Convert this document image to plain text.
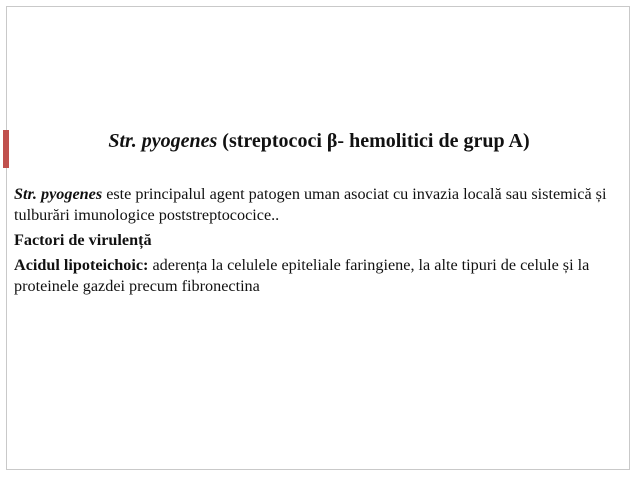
Str. pyogenes (streptococi β- hemolitici de grup A)

Str. pyogenes este principalul agent patogen uman asociat cu invazia locală sau sistemică și tulburări imunologice poststreptococice..

Factori de virulență

Acidul lipoteichoic: aderența la celulele epiteliale faringiene, la alte tipuri de celule și la proteinele gazdei precum fibronectina
